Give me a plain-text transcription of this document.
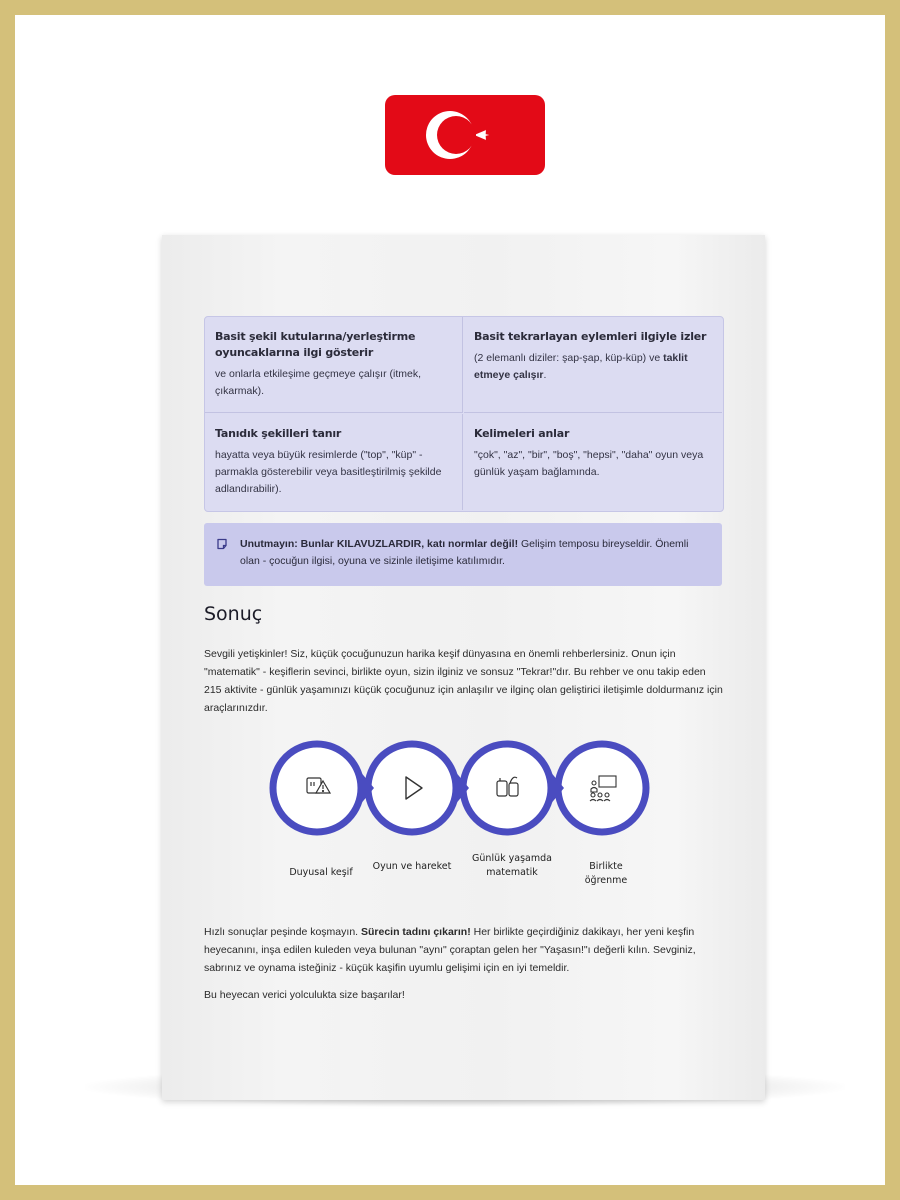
Basit şekil kutularına/yerleştirme oyuncaklarına ilgi gösterir

ve onlarla etkileşime geçmeye çalışır (itmek, çıkarmak).

Basit tekrarlayan eylemleri ilgiyle izler

(2 elemanlı diziler: şap-şap, küp-küp) ve taklit etmeye çalışır.

Tanıdık şekilleri tanır

hayatta veya büyük resimlerde ("top", "küp" - parmakla gösterebilir veya basitleştirilmiş şekilde adlandırabilir).

Kelimeleri anlar

"çok", "az", "bir", "boş", "hepsi", "daha" oyun veya günlük yaşam bağlamında.

Unutmayın: Bunlar KILAVUZLARDIR, katı normlar değil! Gelişim temposu bireyseldir. Önemli olan - çocuğun ilgisi, oyuna ve sizinle iletişime katılımıdır.
Sonuç
Sevgili yetişkinler! Siz, küçük çocuğunuzun harika keşif dünyasına en önemli rehberlersiniz. Onun için "matematik" - keşiflerin sevinci, birlikte oyun, sizin ilginiz ve sonsuz "Tekrar!"dır. Bu rehber ve onu takip eden 215 aktivite - günlük yaşamınızı küçük çocuğunuz için anlaşılır ve ilginç olan geliştirici iletişimle doldurmanız için araçlarınızdır.
Duyusal keşif
Oyun ve hareket
Günlük yaşamda matematik
Birlikte öğrenme
Hızlı sonuçlar peşinde koşmayın. Sürecin tadını çıkarın! Her birlikte geçirdiğiniz dakikayı, her yeni keşfin heyecanını, inşa edilen kuleden veya bulunan "aynı" çoraptan gelen her "Yaşasın!"ı değerli kılın. Sevginiz, sabrınız ve oynama isteğiniz - küçük kaşifin uyumlu gelişimi için en iyi temeldir.
Bu heyecan verici yolculukta size başarılar!
